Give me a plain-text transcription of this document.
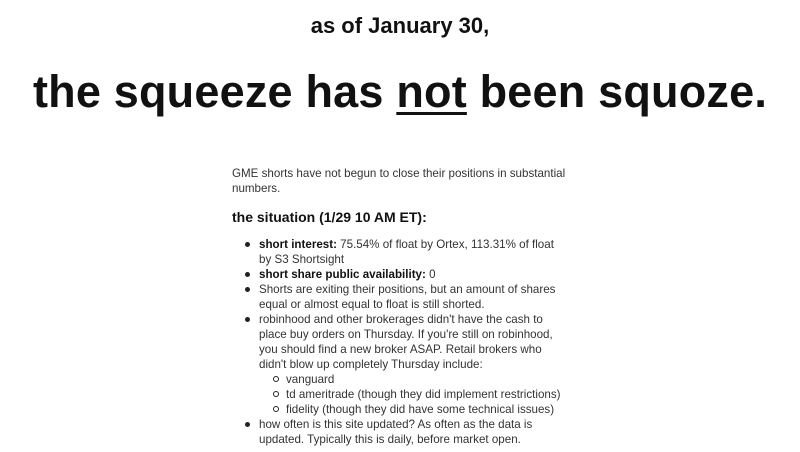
as of January 30,
the squeeze has not been squoze.

GME shorts have not begun to close their positions in substantial numbers.

the situation (1/29 10 AM ET):
short interest: 75.54% of float by Ortex, 113.31% of float by S3 Shortsight
short share public availability: 0
Shorts are exiting their positions, but an amount of shares equal or almost equal to float is still shorted.
robinhood and other brokerages didn't have the cash to place buy orders on Thursday. If you're still on robinhood, you should find a new broker ASAP. Retail brokers who didn't blow up completely Thursday include:
vanguard
td ameritrade (though they did implement restrictions)
fidelity (though they did have some technical issues)
how often is this site updated? As often as the data is updated. Typically this is daily, before market open.
